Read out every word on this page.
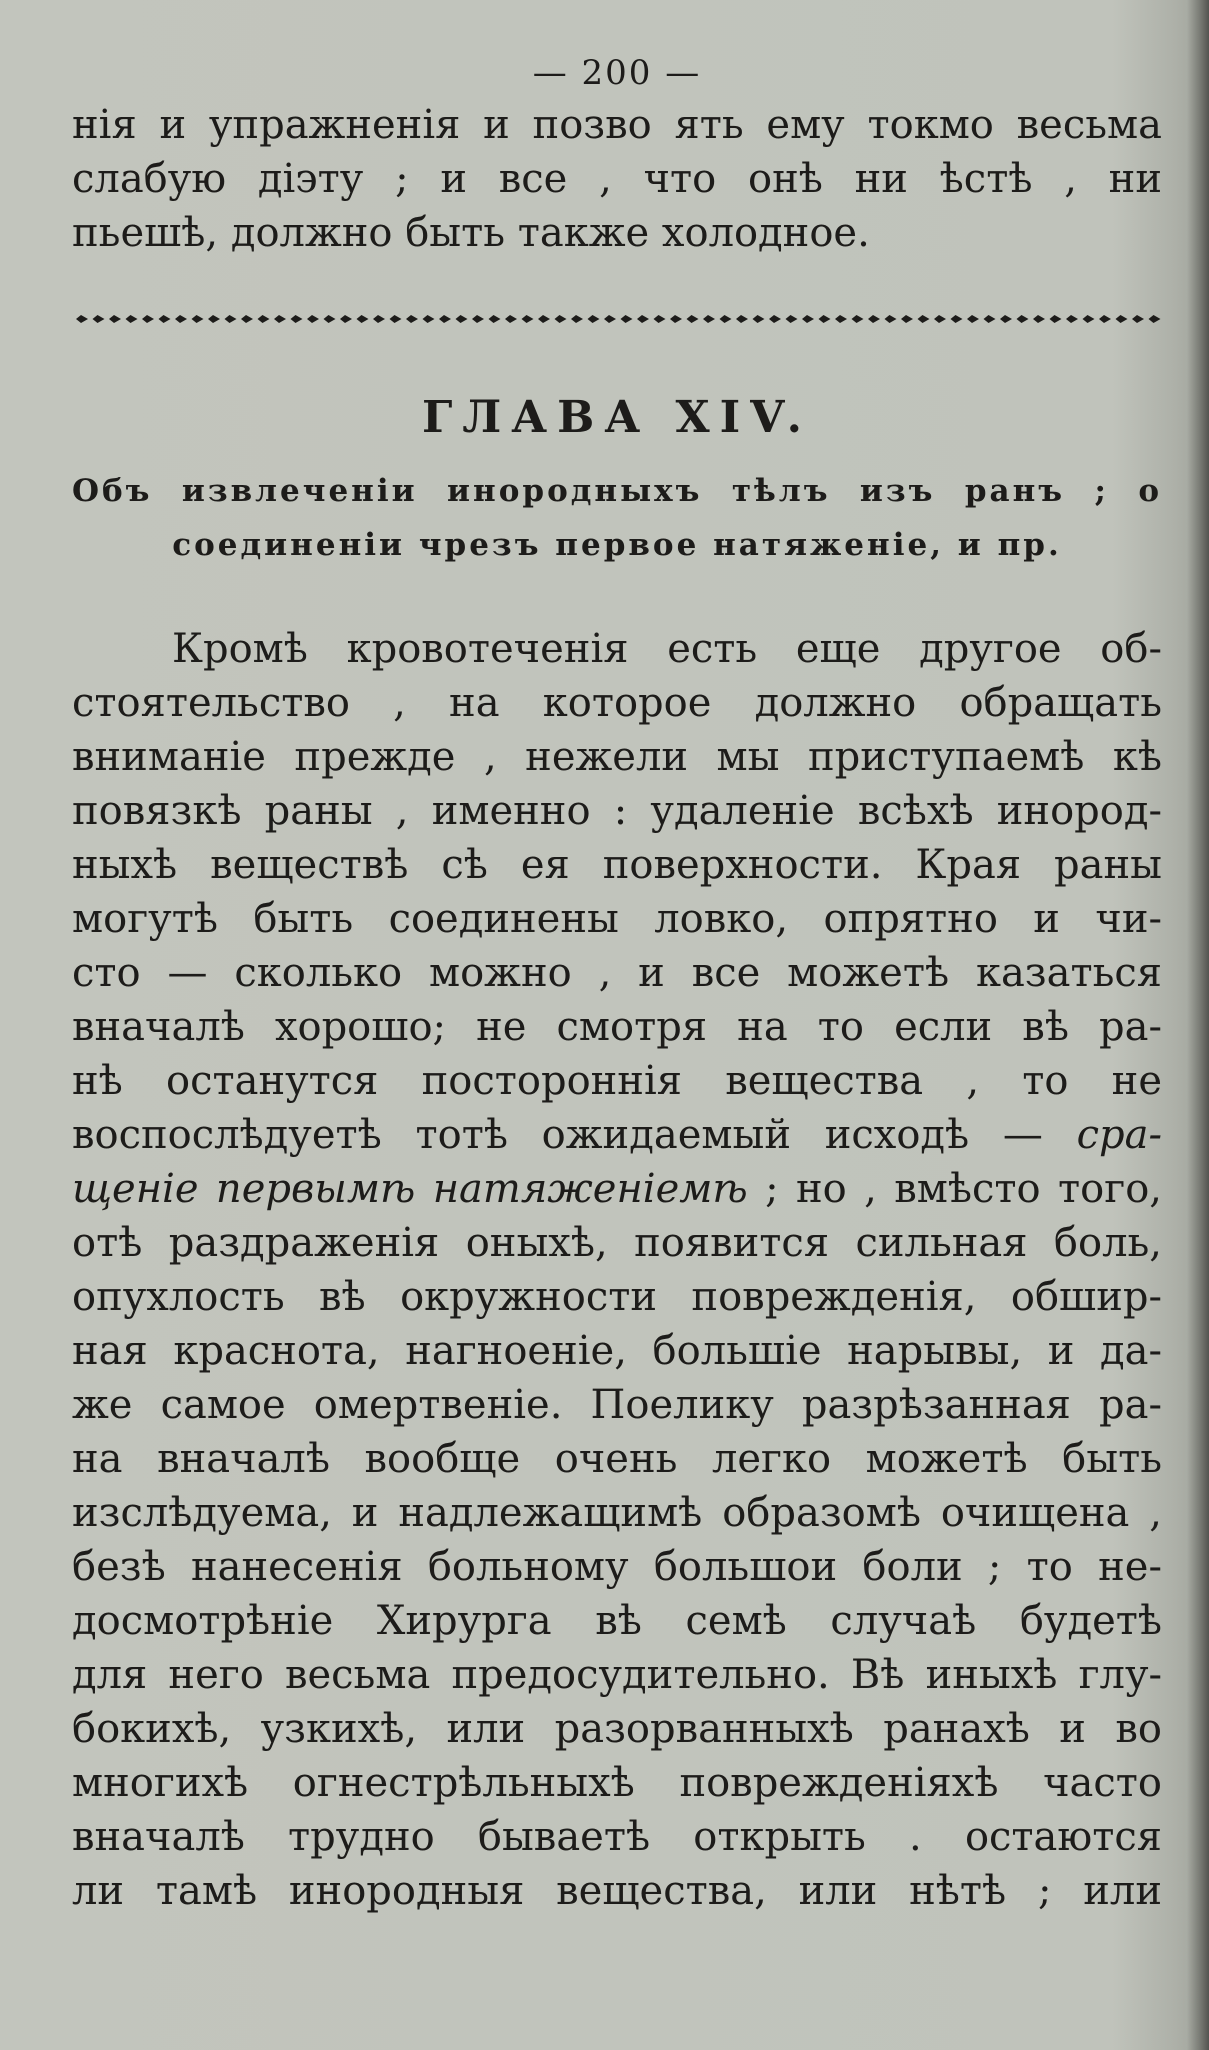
— 200 —
нія и упражненія и позво ять ему токмо весьма
слабую діэту ; и все , что онѣ ни ѣстѣ , ни
пьешѣ, должно быть также холодное.
ГЛАВА XIV.
Объ извлеченіи инородныхъ тѣлъ изъ ранъ ; о
соединеніи чрезъ первое натяженіе, и пр.
Кромѣ кровотеченія есть еще другое об-
стоятельство , на которое должно обращать
вниманіе прежде , нежели мы приступаемѣ кѣ
повязкѣ раны , именно : удаленіе всѣхѣ инород-
ныхѣ веществѣ сѣ ея поверхности. Края раны
могутѣ быть соединены ловко, опрятно и чи-
сто — сколько можно , и все можетѣ казаться
вначалѣ хорошо; не смотря на то если вѣ ра-
нѣ останутся постороннія вещества , то не
воспослѣдуетѣ тотѣ ожидаемый исходѣ — сра-
щеніе первымѣ натяженіемѣ ; но , вмѣсто того,
отѣ раздраженія оныхѣ, появится сильная боль,
опухлость вѣ окружности поврежденія, обшир-
ная краснота, нагноеніе, большіе нарывы, и да-
же самое омертвеніе. Поелику разрѣзанная ра-
на вначалѣ вообще очень легко можетѣ быть
изслѣдуема, и надлежащимѣ образомѣ очищена ,
безѣ нанесенія больному большои боли ; то не-
досмотрѣніе Хирурга вѣ семѣ случаѣ будетѣ
для него весьма предосудительно. Вѣ иныхѣ глу-
бокихѣ, узкихѣ, или разорванныхѣ ранахѣ и во
многихѣ огнестрѣльныхѣ поврежденіяхѣ часто
вначалѣ трудно бываетѣ открыть . остаются
ли тамѣ инородныя вещества, или нѣтѣ ; или
